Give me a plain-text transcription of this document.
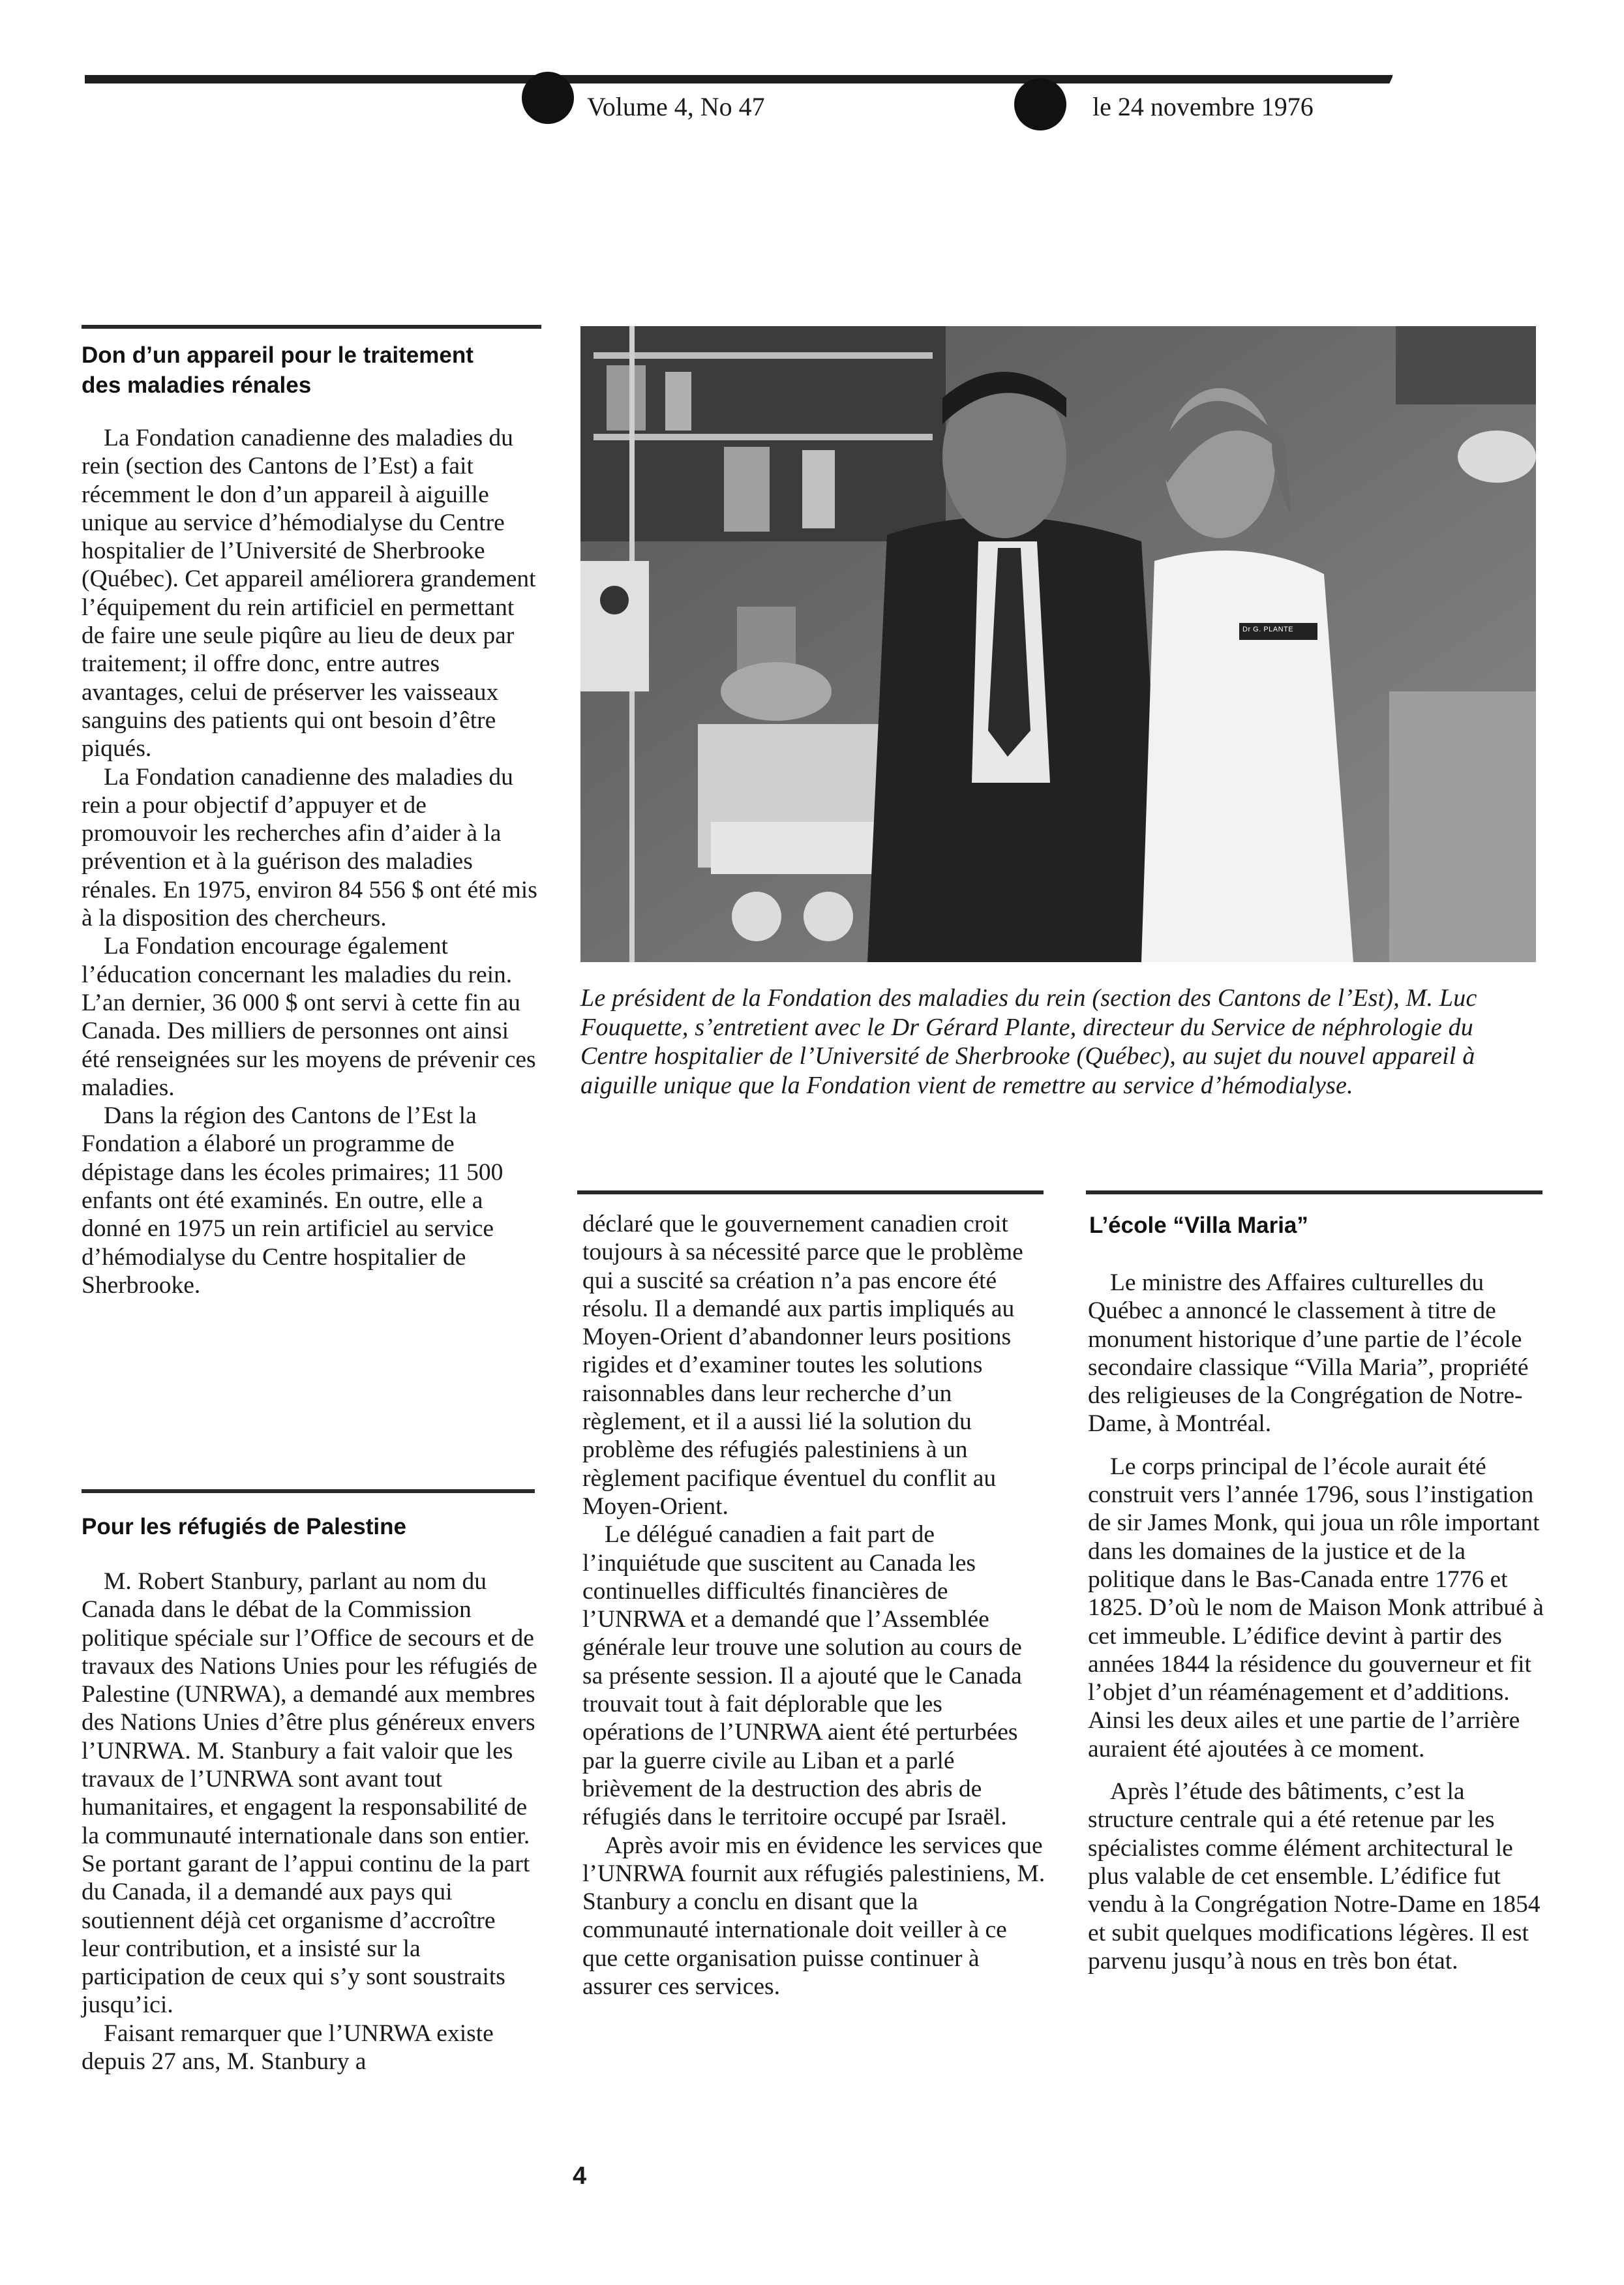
Volume 4, No 47	le 24 novembre 1976
Don d’un appareil pour le traitement
des maladies rénales

La Fondation canadienne des maladies du rein (section des Cantons de l’Est) a fait récemment le don d’un appareil à aiguille unique au service d’hémodialyse du Centre hospitalier de l’Université de Sherbrooke (Québec). Cet appareil améliorera grandement l’équipement du rein artificiel en permettant de faire une seule piqûre au lieu de deux par traitement; il offre donc, entre autres avantages, celui de préserver les vaisseaux sanguins des patients qui ont besoin d’être piqués.

La Fondation canadienne des maladies du rein a pour objectif d’appuyer et de promouvoir les recherches afin d’aider à la prévention et à la guérison des maladies rénales. En 1975, environ 84 556 $ ont été mis à la disposition des chercheurs.

La Fondation encourage également l’éducation concernant les maladies du rein. L’an dernier, 36 000 $ ont servi à cette fin au Canada. Des milliers de personnes ont ainsi été renseignées sur les moyens de prévenir ces maladies.

Dans la région des Cantons de l’Est la Fondation a élaboré un programme de dépistage dans les écoles primaires; 11 500 enfants ont été examinés. En outre, elle a donné en 1975 un rein artificiel au service d’hémodialyse du Centre hospitalier de Sherbrooke.

Pour les réfugiés de Palestine

M. Robert Stanbury, parlant au nom du Canada dans le débat de la Commission politique spéciale sur l’Office de secours et de travaux des Nations Unies pour les réfugiés de Palestine (UNRWA), a demandé aux membres des Nations Unies d’être plus généreux envers l’UNRWA. M. Stanbury a fait valoir que les travaux de l’UNRWA sont avant tout humanitaires, et engagent la responsabilité de la communauté internationale dans son entier. Se portant garant de l’appui continu de la part du Canada, il a demandé aux pays qui soutiennent déjà cet organisme d’accroître leur contribution, et a insisté sur la participation de ceux qui s’y sont soustraits jusqu’ici.

Faisant remarquer que l’UNRWA existe depuis 27 ans, M. Stanbury a

Dr G. PLANTE
Le président de la Fondation des maladies du rein (section des Cantons de l’Est), M. Luc Fouquette, s’entretient avec le Dr Gérard Plante, directeur du Service de néphrologie du Centre hospitalier de l’Université de Sherbrooke (Québec), au sujet du nouvel appareil à aiguille unique que la Fondation vient de remettre au service d’hémodialyse.

déclaré que le gouvernement canadien croit toujours à sa nécessité parce que le problème qui a suscité sa création n’a pas encore été résolu. Il a demandé aux partis impliqués au Moyen-Orient d’abandonner leurs positions rigides et d’examiner toutes les solutions raisonnables dans leur recherche d’un règlement, et il a aussi lié la solution du problème des réfugiés palestiniens à un règlement pacifique éventuel du conflit au Moyen-Orient.

Le délégué canadien a fait part de l’inquiétude que suscitent au Canada les continuelles difficultés financières de l’UNRWA et a demandé que l’Assemblée générale leur trouve une solution au cours de sa présente session. Il a ajouté que le Canada trouvait tout à fait déplorable que les opérations de l’UNRWA aient été perturbées par la guerre civile au Liban et a parlé brièvement de la destruction des abris de réfugiés dans le territoire occupé par Israël.

Après avoir mis en évidence les services que l’UNRWA fournit aux réfugiés palestiniens, M. Stanbury a conclu en disant que la communauté internationale doit veiller à ce que cette organisation puisse continuer à assurer ces services.

L’école “Villa Maria”

Le ministre des Affaires culturelles du Québec a annoncé le classement à titre de monument historique d’une partie de l’école secondaire classique “Villa Maria”, propriété des religieuses de la Congrégation de Notre-Dame, à Montréal.

Le corps principal de l’école aurait été construit vers l’année 1796, sous l’instigation de sir James Monk, qui joua un rôle important dans les domaines de la justice et de la politique dans le Bas-Canada entre 1776 et 1825. D’où le nom de Maison Monk attribué à cet immeuble. L’édifice devint à partir des années 1844 la résidence du gouverneur et fit l’objet d’un réaménagement et d’additions. Ainsi les deux ailes et une partie de l’arrière auraient été ajoutées à ce moment.

Après l’étude des bâtiments, c’est la structure centrale qui a été retenue par les spécialistes comme élément architectural le plus valable de cet ensemble. L’édifice fut vendu à la Congrégation Notre-Dame en 1854 et subit quelques modifications légères. Il est parvenu jusqu’à nous en très bon état.

4
